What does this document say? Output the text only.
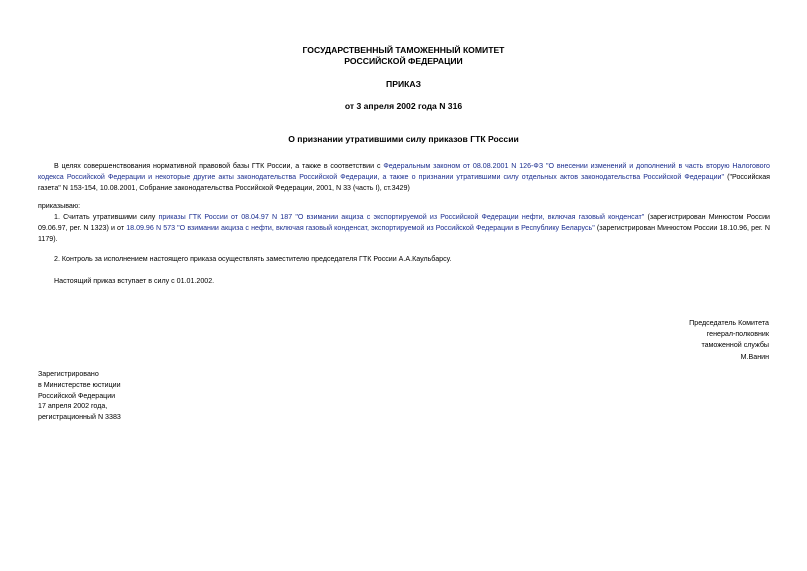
ГОСУДАРСТВЕННЫЙ ТАМОЖЕННЫЙ КОМИТЕТ
РОССИЙСКОЙ ФЕДЕРАЦИИ
ПРИКАЗ
от 3 апреля 2002 года N 316
О признании утратившими силу приказов ГТК России

В целях совершенствования нормативной правовой базы ГТК России, а также в соответствии с Федеральным законом от 08.08.2001 N 126-ФЗ "О внесении изменений и дополнений в часть вторую Налогового кодекса Российской Федерации и некоторые другие акты законодательства Российской Федерации, а также о признании утратившими силу отдельных актов законодательства Российской Федерации" ("Российская газета" N 153-154, 10.08.2001, Собрание законодательства Российской Федерации, 2001, N 33 (часть I), ст.3429)

приказываю:

1. Считать утратившими силу приказы ГТК России от 08.04.97 N 187 "О взимании акциза с экспортируемой из Российской Федерации нефти, включая газовый конденсат" (зарегистрирован Минюстом России 09.06.97, рег. N 1323) и от 18.09.96 N 573 "О взимании акциза с нефти, включая газовый конденсат, экспортируемой из Российской Федерации в Республику Беларусь" (зарегистрирован Минюстом России 18.10.96, рег. N 1179).

2. Контроль за исполнением настоящего приказа осуществлять заместителю председателя ГТК России А.А.Каульбарсу.

Настоящий приказ вступает в силу с 01.01.2002.

Председатель Комитета
генерал-полковник
таможенной службы
М.Ванин
Зарегистрировано
в Министерстве юстиции
Российской Федерации
17 апреля 2002 года,
регистрационный N 3383
